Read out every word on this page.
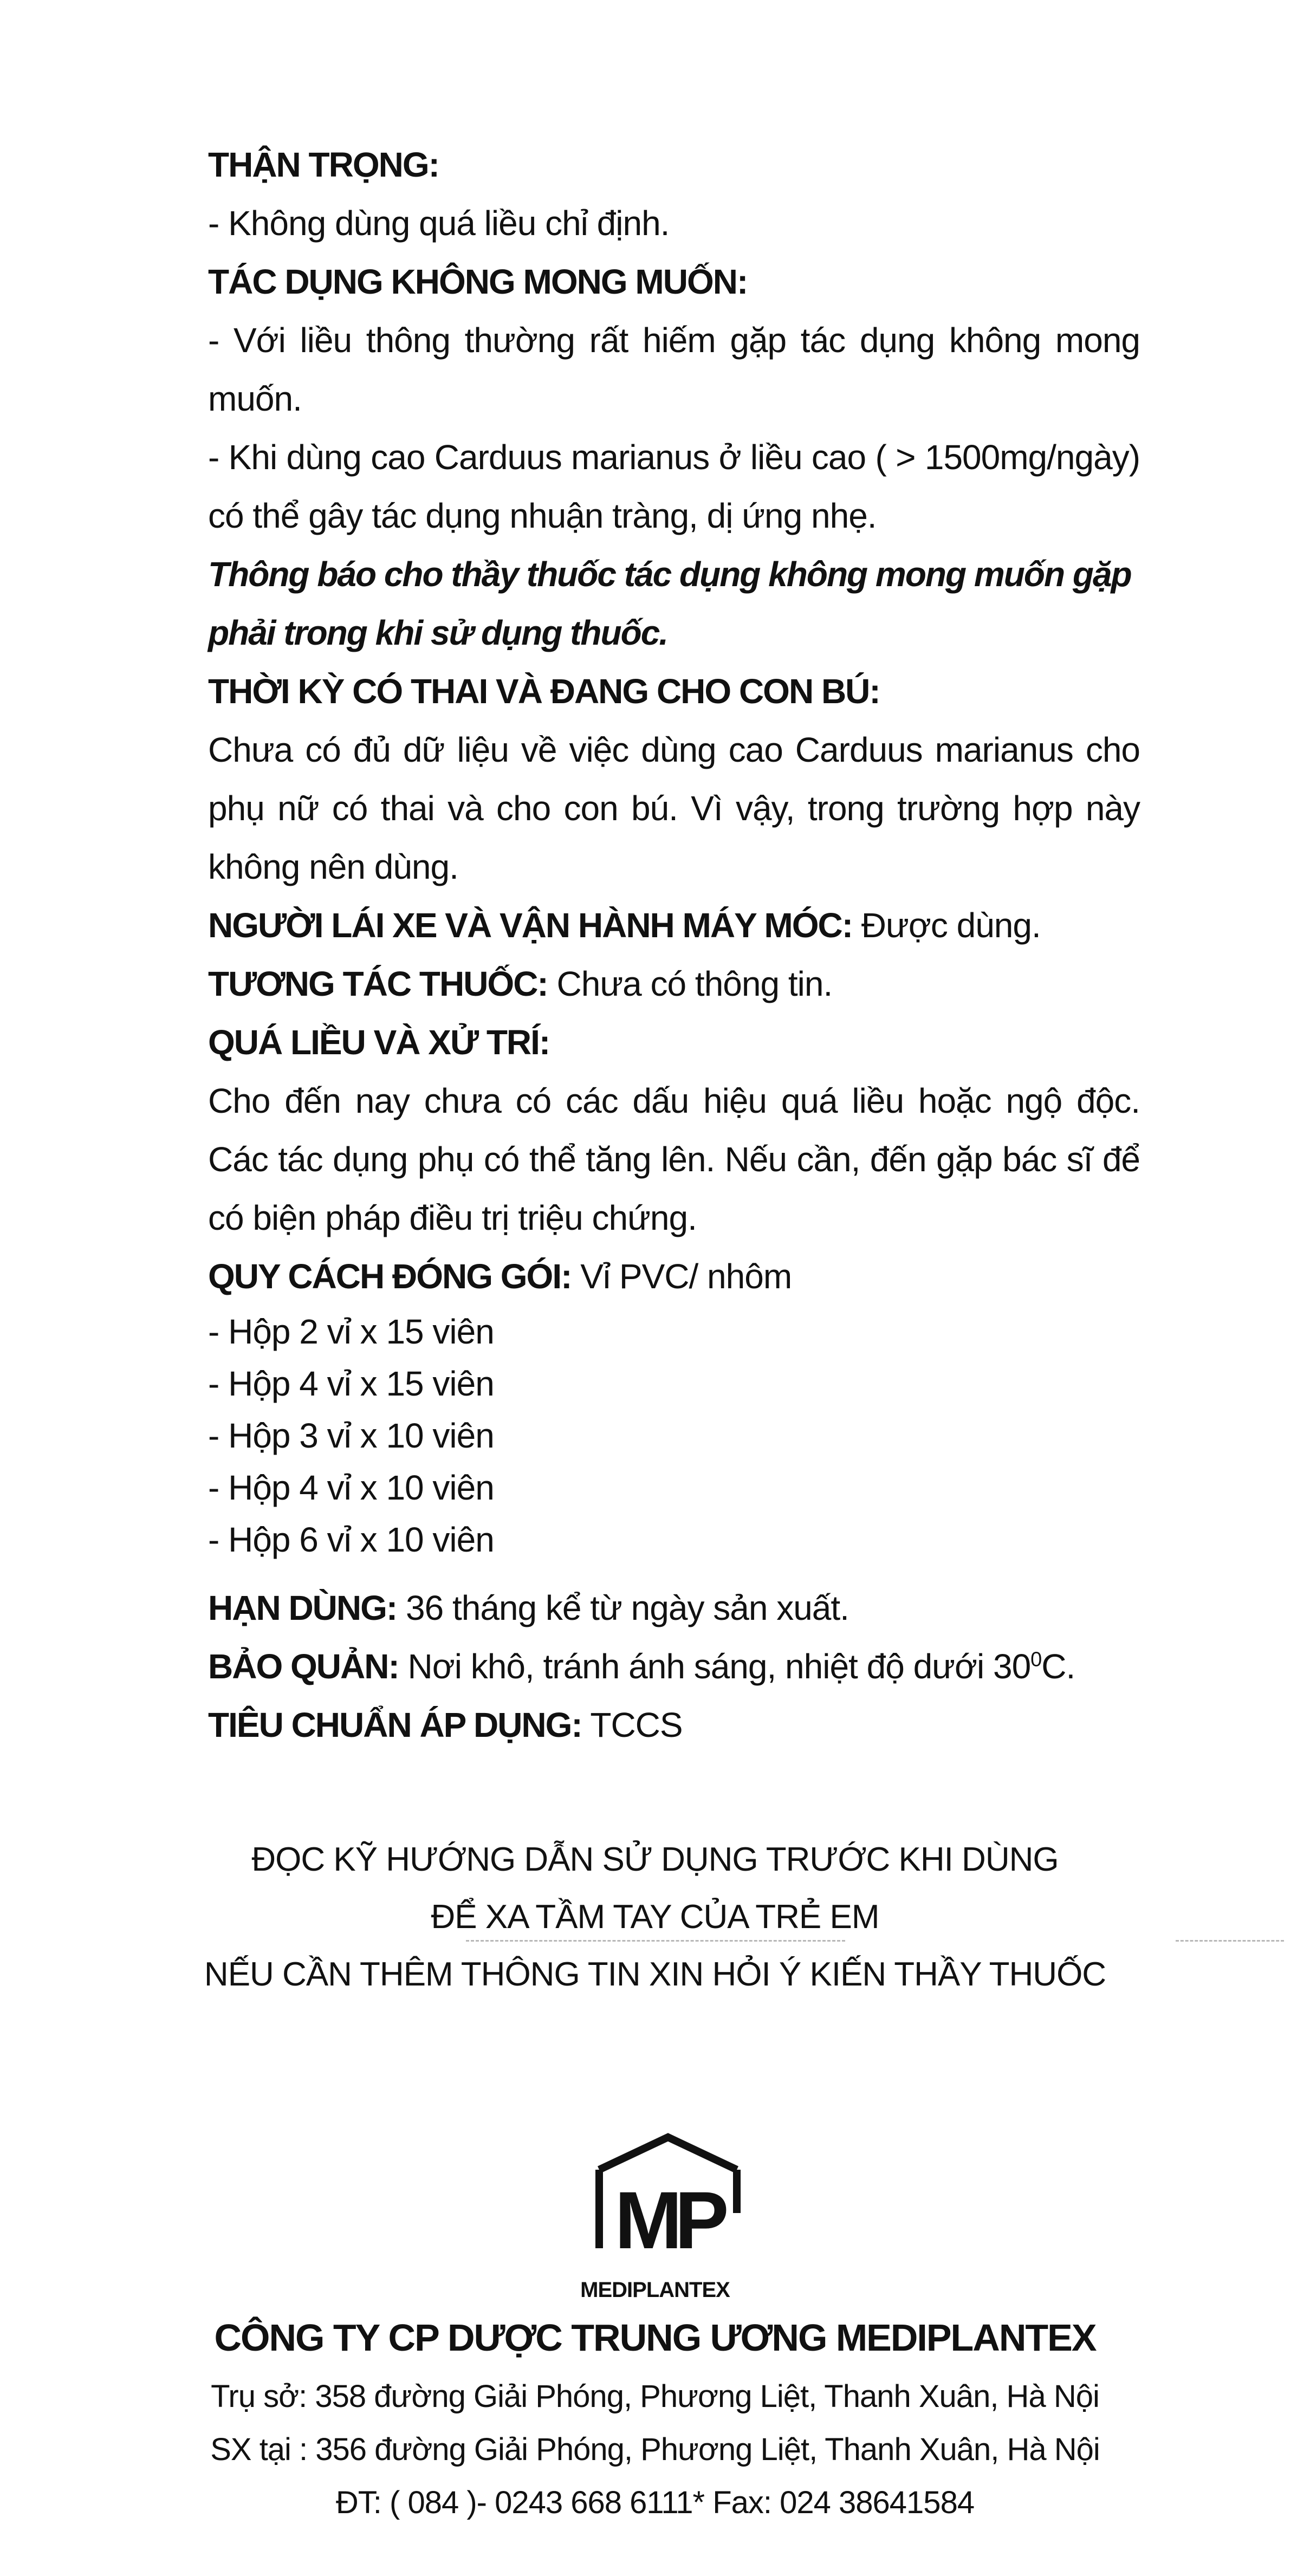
THẬN TRỌNG:

- Không dùng quá liều chỉ định.

TÁC DỤNG KHÔNG MONG MUỐN:

- Với liều thông thường rất hiếm gặp tác dụng không mong muốn.

- Khi dùng cao Carduus marianus ở liều cao ( > 1500mg/ngày) có thể gây tác dụng nhuận tràng, dị ứng nhẹ.

Thông báo cho thầy thuốc tác dụng không mong muốn gặp phải trong khi sử dụng thuốc.

THỜI KỲ CÓ THAI VÀ ĐANG CHO CON BÚ:

Chưa có đủ dữ liệu về việc dùng cao Carduus marianus cho phụ nữ có thai và cho con bú. Vì vậy, trong trường hợp này không nên dùng.

NGƯỜI LÁI XE VÀ VẬN HÀNH MÁY MÓC: Được dùng.

TƯƠNG TÁC THUỐC: Chưa có thông tin.

QUÁ LIỀU VÀ XỬ TRÍ:

Cho đến nay chưa có các dấu hiệu quá liều hoặc ngộ độc. Các tác dụng phụ có thể tăng lên. Nếu cần, đến gặp bác sĩ để có biện pháp điều trị triệu chứng.

QUY CÁCH ĐÓNG GÓI: Vỉ PVC/ nhôm

- Hộp 2 vỉ x 15 viên

- Hộp 4 vỉ x 15 viên

- Hộp 3 vỉ x 10 viên

- Hộp 4 vỉ x 10 viên

- Hộp 6 vỉ x 10 viên

HẠN DÙNG: 36 tháng kể từ ngày sản xuất.

BẢO QUẢN: Nơi khô, tránh ánh sáng, nhiệt độ dưới $30^0C$.

TIÊU CHUẨN ÁP DỤNG: TCCS

ĐỌC KỸ HƯỚNG DẪN SỬ DỤNG TRƯỚC KHI DÙNG

ĐỂ XA TẦM TAY CỦA TRẺ EM

NẾU CẦN THÊM THÔNG TIN XIN HỎI Ý KIẾN THẦY THUỐC

MP
MEDIPLANTEX
CÔNG TY CP DƯỢC TRUNG ƯƠNG MEDIPLANTEX

Trụ sở: 358 đường Giải Phóng, Phương Liệt, Thanh Xuân, Hà Nội

SX tại : 356 đường Giải Phóng, Phương Liệt, Thanh Xuân, Hà Nội

ĐT: ( 084 )- 0243 668 6111* Fax: 024 38641584
